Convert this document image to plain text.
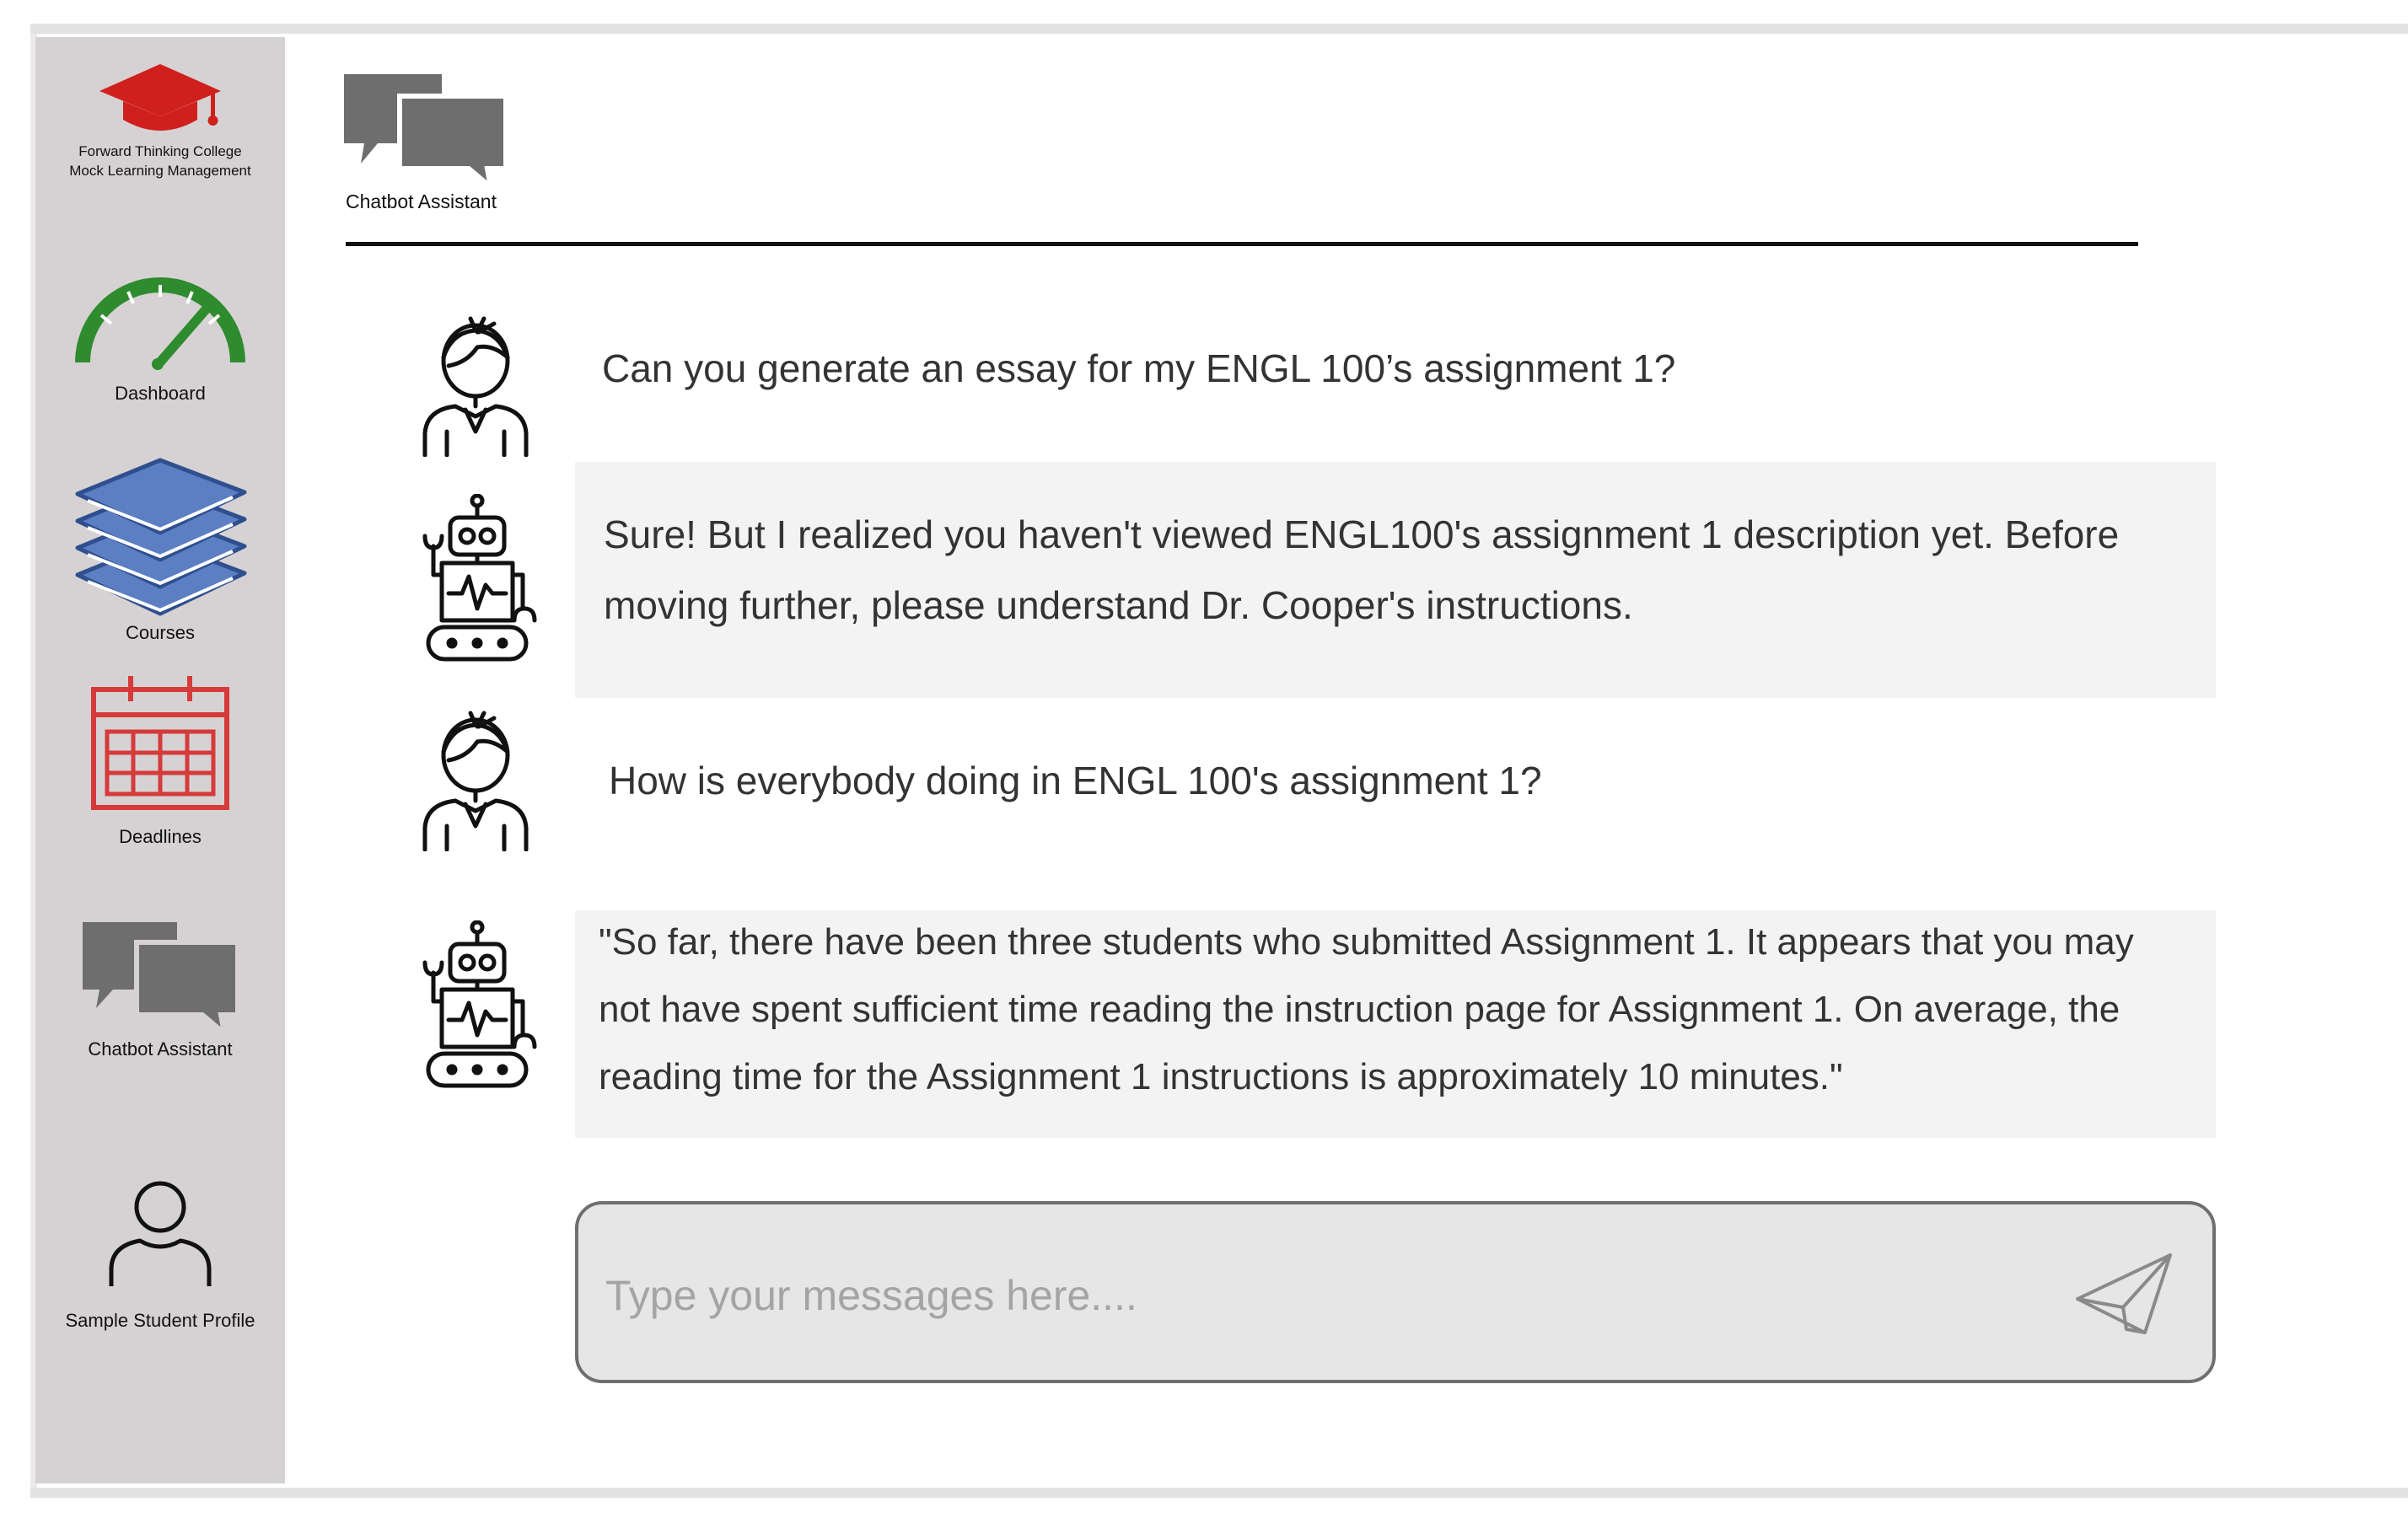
Forward Thinking College
Mock Learning Management
Dashboard
Courses
Deadlines
Chatbot Assistant
Sample Student Profile
Chatbot Assistant
Can you generate an essay for my ENGL 100’s assignment 1?
Sure! But I realized you haven't viewed ENGL100's assignment 1 description yet. Before
moving further, please understand Dr. Cooper's instructions.
How is everybody doing in ENGL 100's assignment 1?
"So far, there have been three students who submitted Assignment 1. It appears that you may
not have spent sufficient time reading the instruction page for Assignment 1. On average, the
reading time for the Assignment 1 instructions is approximately 10 minutes."
Type your messages here....
